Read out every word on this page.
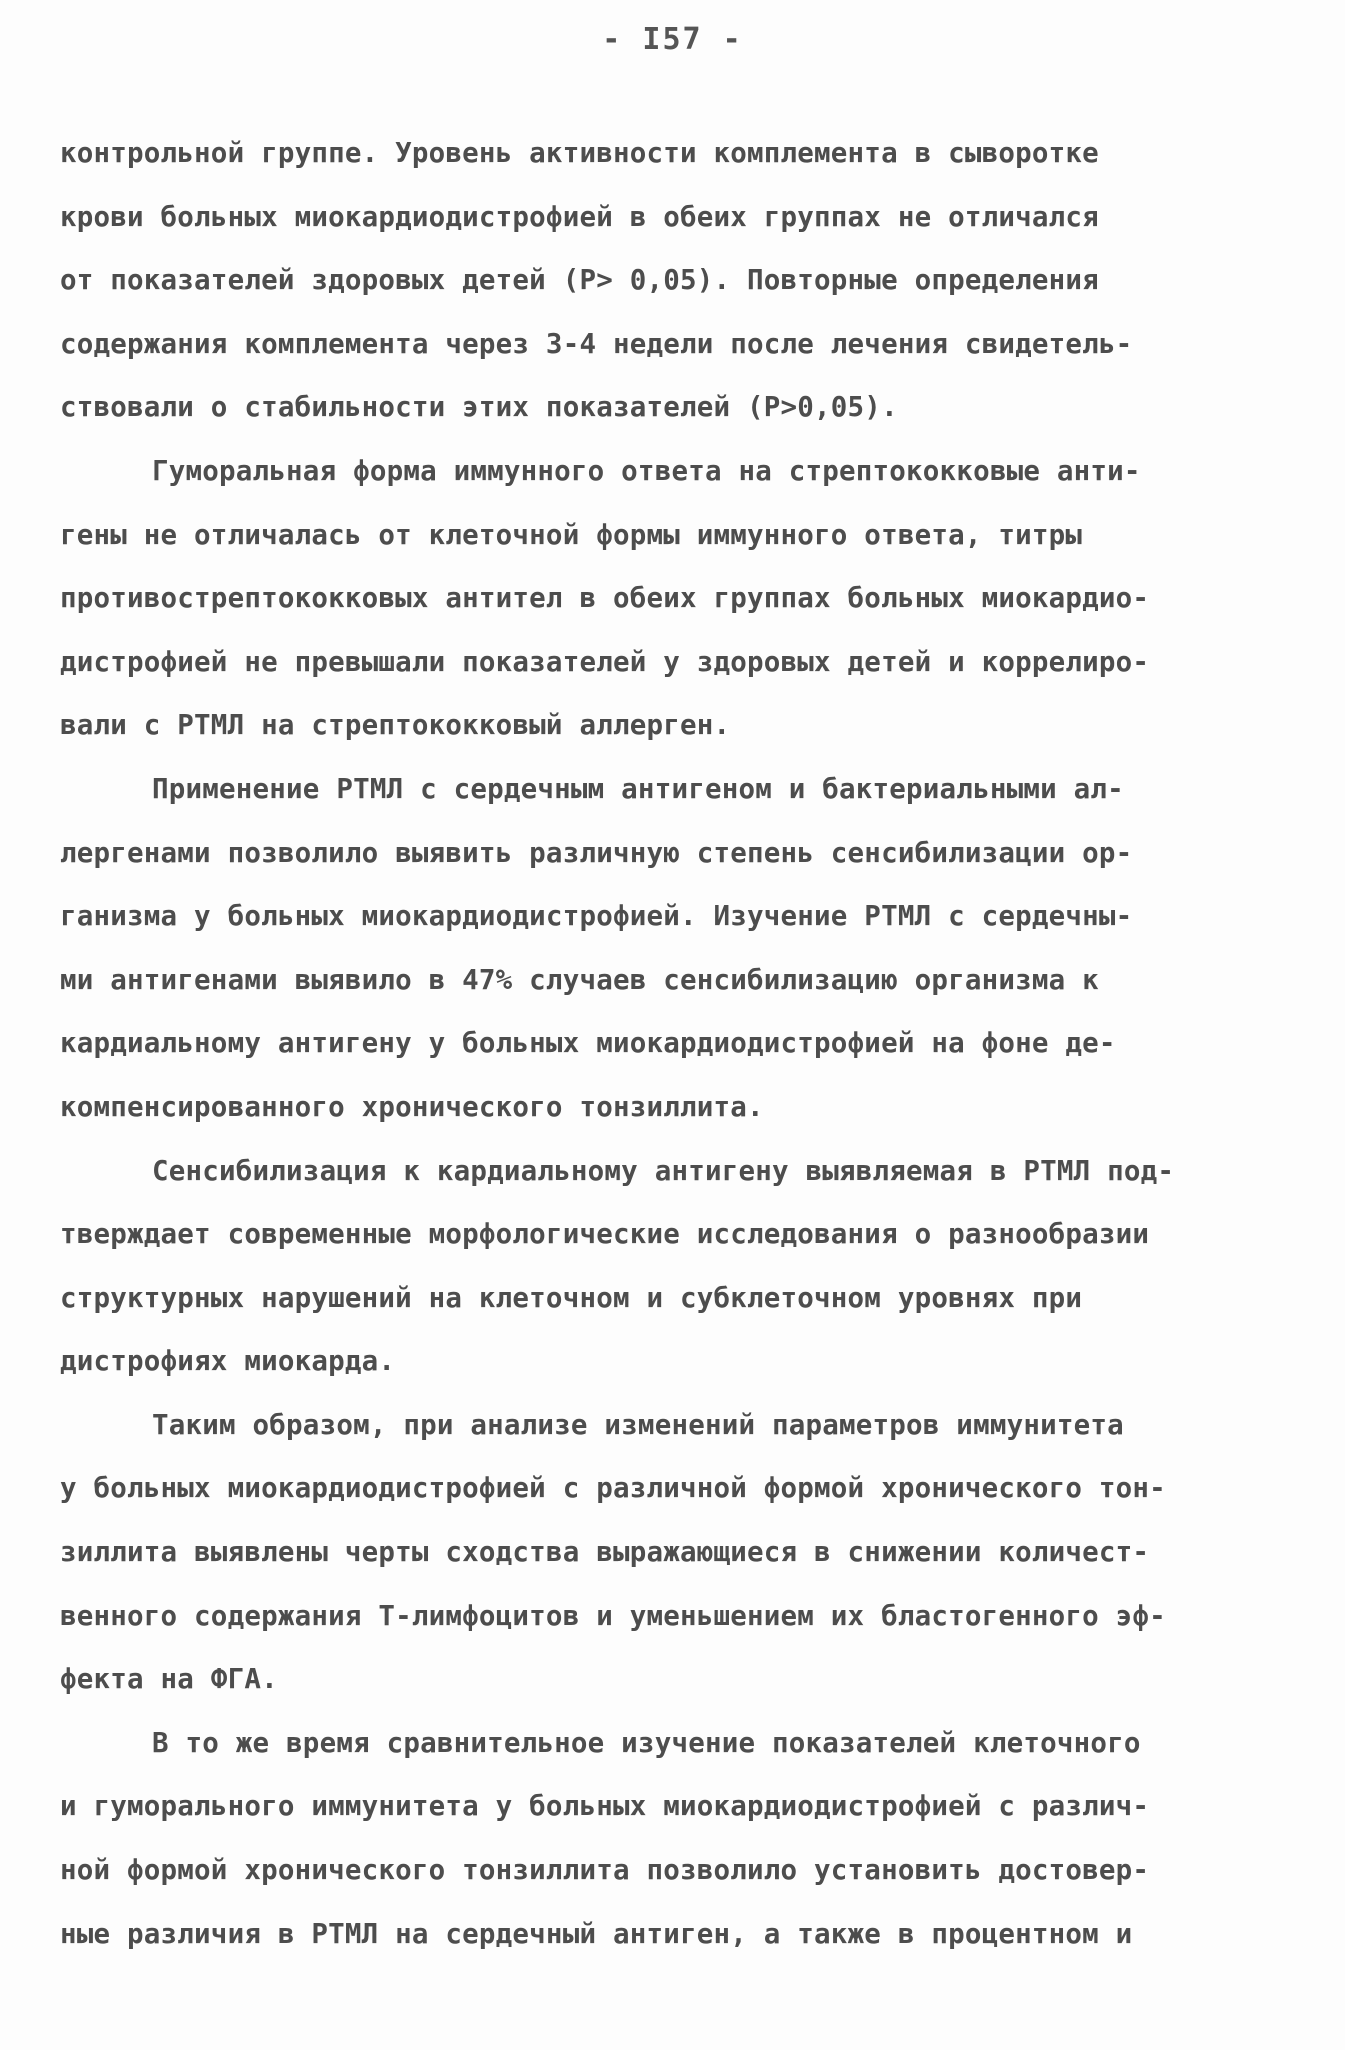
- I57 -
контрольной группе. Уровень активности комплемента в сыворотке
крови больных миокардиодистрофией в обеих группах не отличался
от показателей здоровых детей (Р> 0,05). Повторные определения
содержания комплемента через 3-4 недели после лечения свидетель-
ствовали о стабильности этих показателей (Р>0,05).
Гуморальная форма иммунного ответа на стрептококковые анти-
гены не отличалась от клеточной формы иммунного ответа, титры
противострептококковых антител в обеих группах больных миокардио-
дистрофией не превышали показателей у здоровых детей и коррелиро-
вали с РТМЛ на стрептококковый аллерген.
Применение РТМЛ с сердечным антигеном и бактериальными ал-
лергенами позволило выявить различную степень сенсибилизации ор-
ганизма у больных миокардиодистрофией. Изучение РТМЛ с сердечны-
ми антигенами выявило в 47% случаев сенсибилизацию организма к
кардиальному антигену у больных миокардиодистрофией на фоне де-
компенсированного хронического тонзиллита.
Сенсибилизация к кардиальному антигену выявляемая в РТМЛ под-
тверждает современные морфологические исследования о разнообразии
структурных нарушений на клеточном и субклеточном уровнях при
дистрофиях миокарда.
Таким образом, при анализе изменений параметров иммунитета
у больных миокардиодистрофией с различной формой хронического тон-
зиллита выявлены черты сходства выражающиеся в снижении количест-
венного содержания Т-лимфоцитов и уменьшением их бластогенного эф-
фекта на ФГА.
В то же время сравнительное изучение показателей клеточного
и гуморального иммунитета у больных миокардиодистрофией с различ-
ной формой хронического тонзиллита позволило установить достовер-
ные различия в РТМЛ на сердечный антиген, а также в процентном и
